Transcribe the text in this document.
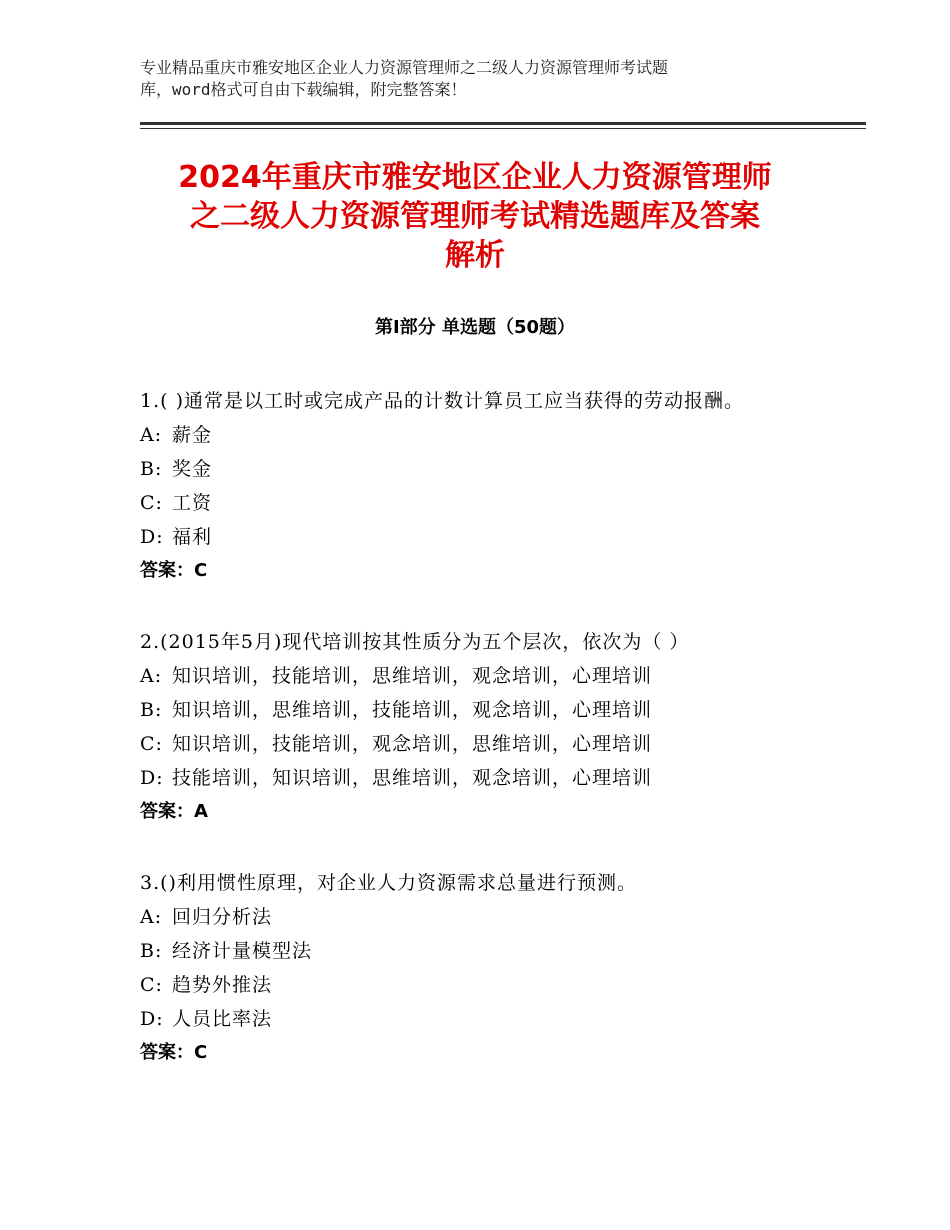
专业精品重庆市雅安地区企业人力资源管理师之二级人力资源管理师考试题
库，word格式可自由下载编辑，附完整答案！
2024年重庆市雅安地区企业人力资源管理师
之二级人力资源管理师考试精选题库及答案
解析
第Ⅰ部分 单选题（50题）
1.( )通常是以工时或完成产品的计数计算员工应当获得的劳动报酬。
A: 薪金
B: 奖金
C: 工资
D: 福利
答案：C
2.(2015年5月)现代培训按其性质分为五个层次，依次为（ ）
A: 知识培训，技能培训，思维培训，观念培训，心理培训
B: 知识培训，思维培训，技能培训，观念培训，心理培训
C: 知识培训，技能培训，观念培训，思维培训，心理培训
D: 技能培训，知识培训，思维培训，观念培训，心理培训
答案：A
3.()利用惯性原理，对企业人力资源需求总量进行预测。
A: 回归分析法
B: 经济计量模型法
C: 趋势外推法
D: 人员比率法
答案：C
